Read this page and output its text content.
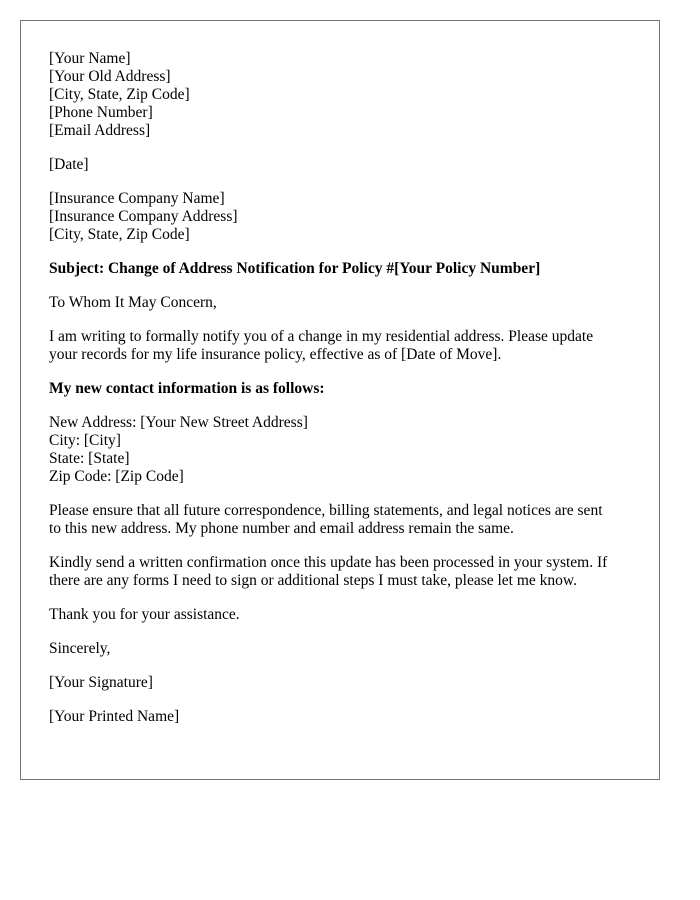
[Your Name]
[Your Old Address]
[City, State, Zip Code]
[Phone Number]
[Email Address]
[Date]
[Insurance Company Name]
[Insurance Company Address]
[City, State, Zip Code]
Subject: Change of Address Notification for Policy #[Your Policy Number]
To Whom It May Concern,
I am writing to formally notify you of a change in my residential address. Please update
your records for my life insurance policy, effective as of [Date of Move].
My new contact information is as follows:
New Address: [Your New Street Address]
City: [City]
State: [State]
Zip Code: [Zip Code]
Please ensure that all future correspondence, billing statements, and legal notices are sent
to this new address. My phone number and email address remain the same.
Kindly send a written confirmation once this update has been processed in your system. If
there are any forms I need to sign or additional steps I must take, please let me know.
Thank you for your assistance.
Sincerely,
[Your Signature]
[Your Printed Name]
